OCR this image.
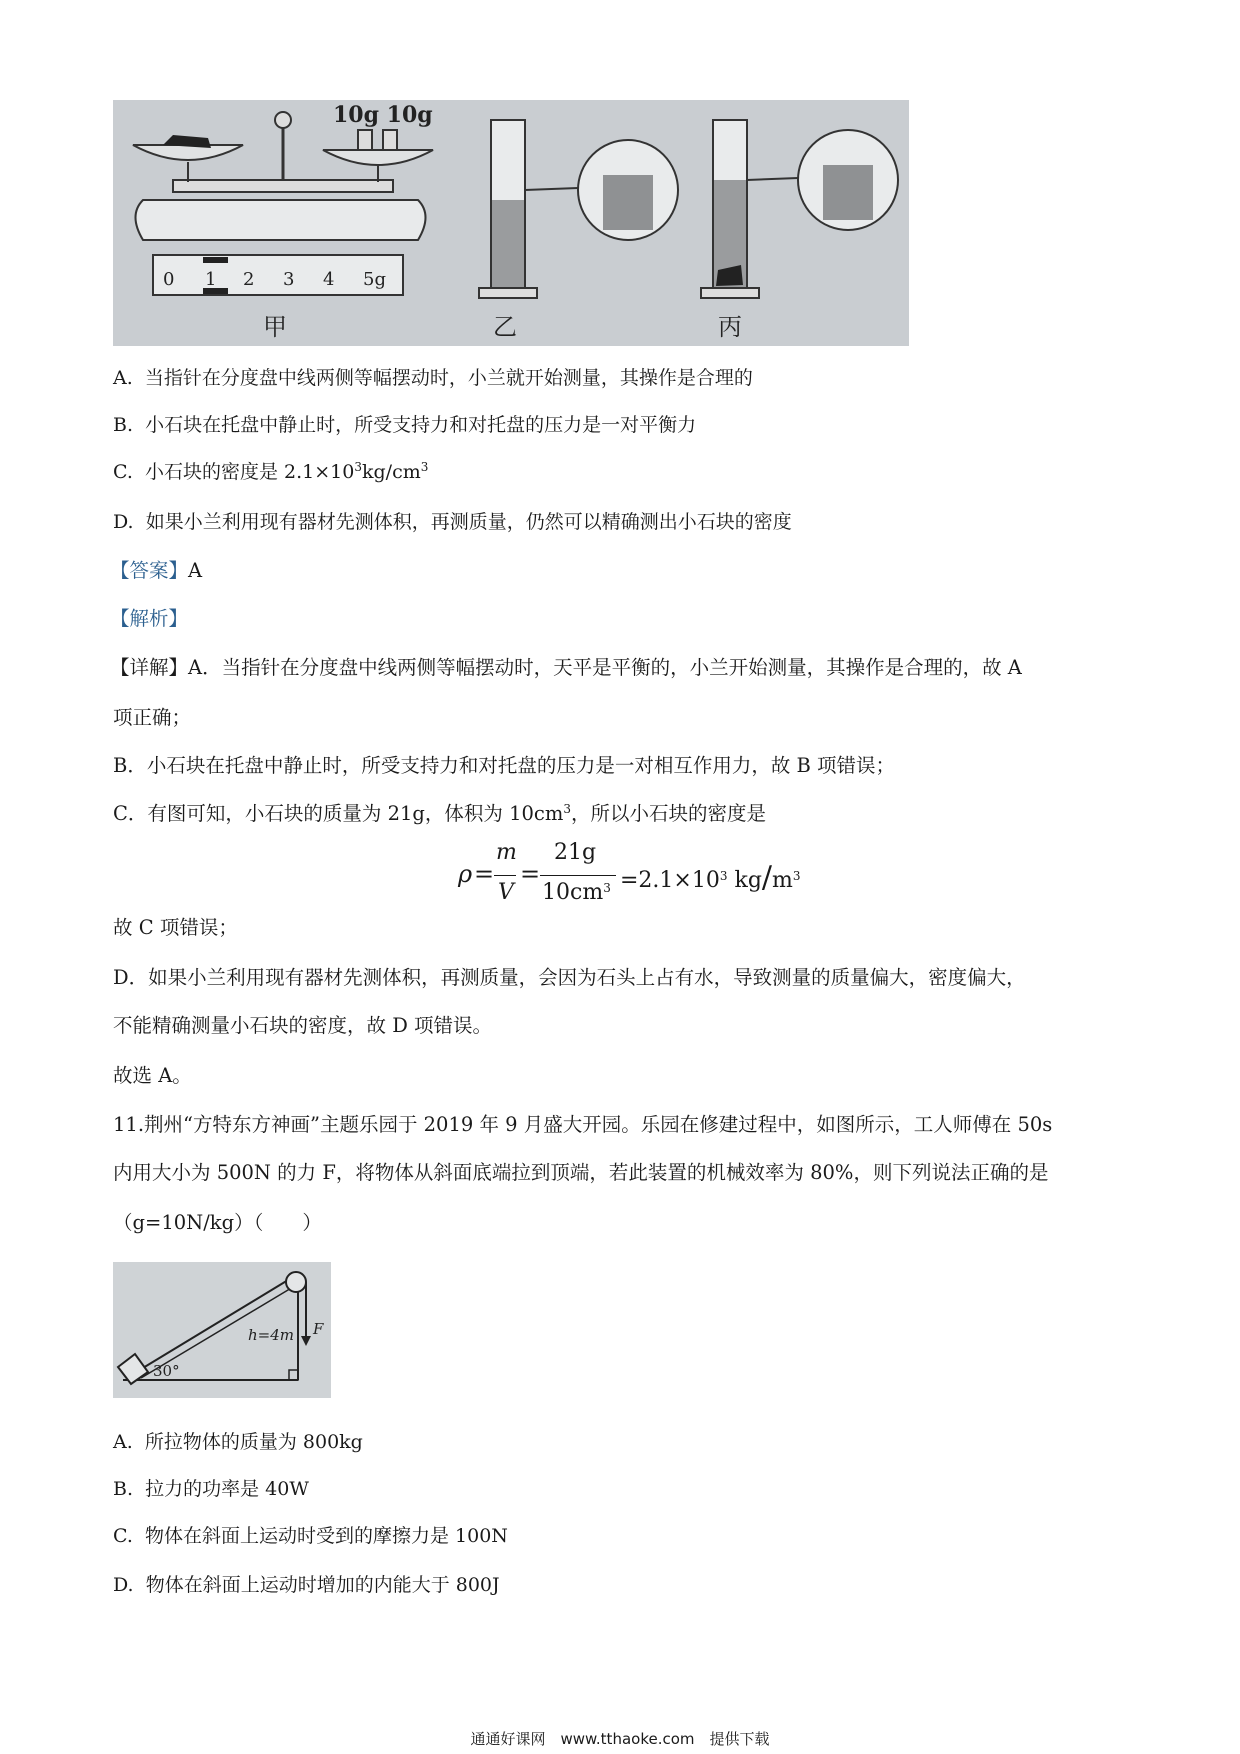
10g 10g
0 1 2 3 4 5g
甲	乙	丙
A. 当指针在分度盘中线两侧等幅摆动时，小兰就开始测量，其操作是合理的
B. 小石块在托盘中静止时，所受支持力和对托盘的压力是一对平衡力
C. 小石块的密度是 $2.1\times 10^3kg/cm^3$
D. 如果小兰利用现有器材先测体积，再测质量，仍然可以精确测出小石块的密度
【答案】A
【解析】
【详解】A．当指针在分度盘中线两侧等幅摆动时，天平是平衡的，小兰开始测量，其操作是合理的，故 A
项正确；
B．小石块在托盘中静止时，所受支持力和对托盘的压力是一对相互作用力，故 B 项错误；
C．有图可知，小石块的质量为 21g，体积为 $10cm^3$，所以小石块的密度是
ρ =
m
V
=
21g
$10cm^3 =2.1\times 10^3$ $kg/m^3$
故 C 项错误；
D．如果小兰利用现有器材先测体积，再测质量，会因为石头上占有水，导致测量的质量偏大，密度偏大，
不能精确测量小石块的密度，故 D 项错误。
故选 A。
11.荆州“方特东方神画”主题乐园于 2019 年 9 月盛大开园。乐园在修建过程中，如图所示，工人师傅在 50s
内用大小为 500N 的力 F，将物体从斜面底端拉到顶端，若此装置的机械效率为 80%，则下列说法正确的是
（g=10N/kg）（　　）
h=4m F
30°
A. 所拉物体的质量为 800kg
B. 拉力的功率是 40W
C. 物体在斜面上运动时受到的摩擦力是 100N
D. 物体在斜面上运动时增加的内能大于 800J
通通好课网　www.tthaoke.com　提供下载
